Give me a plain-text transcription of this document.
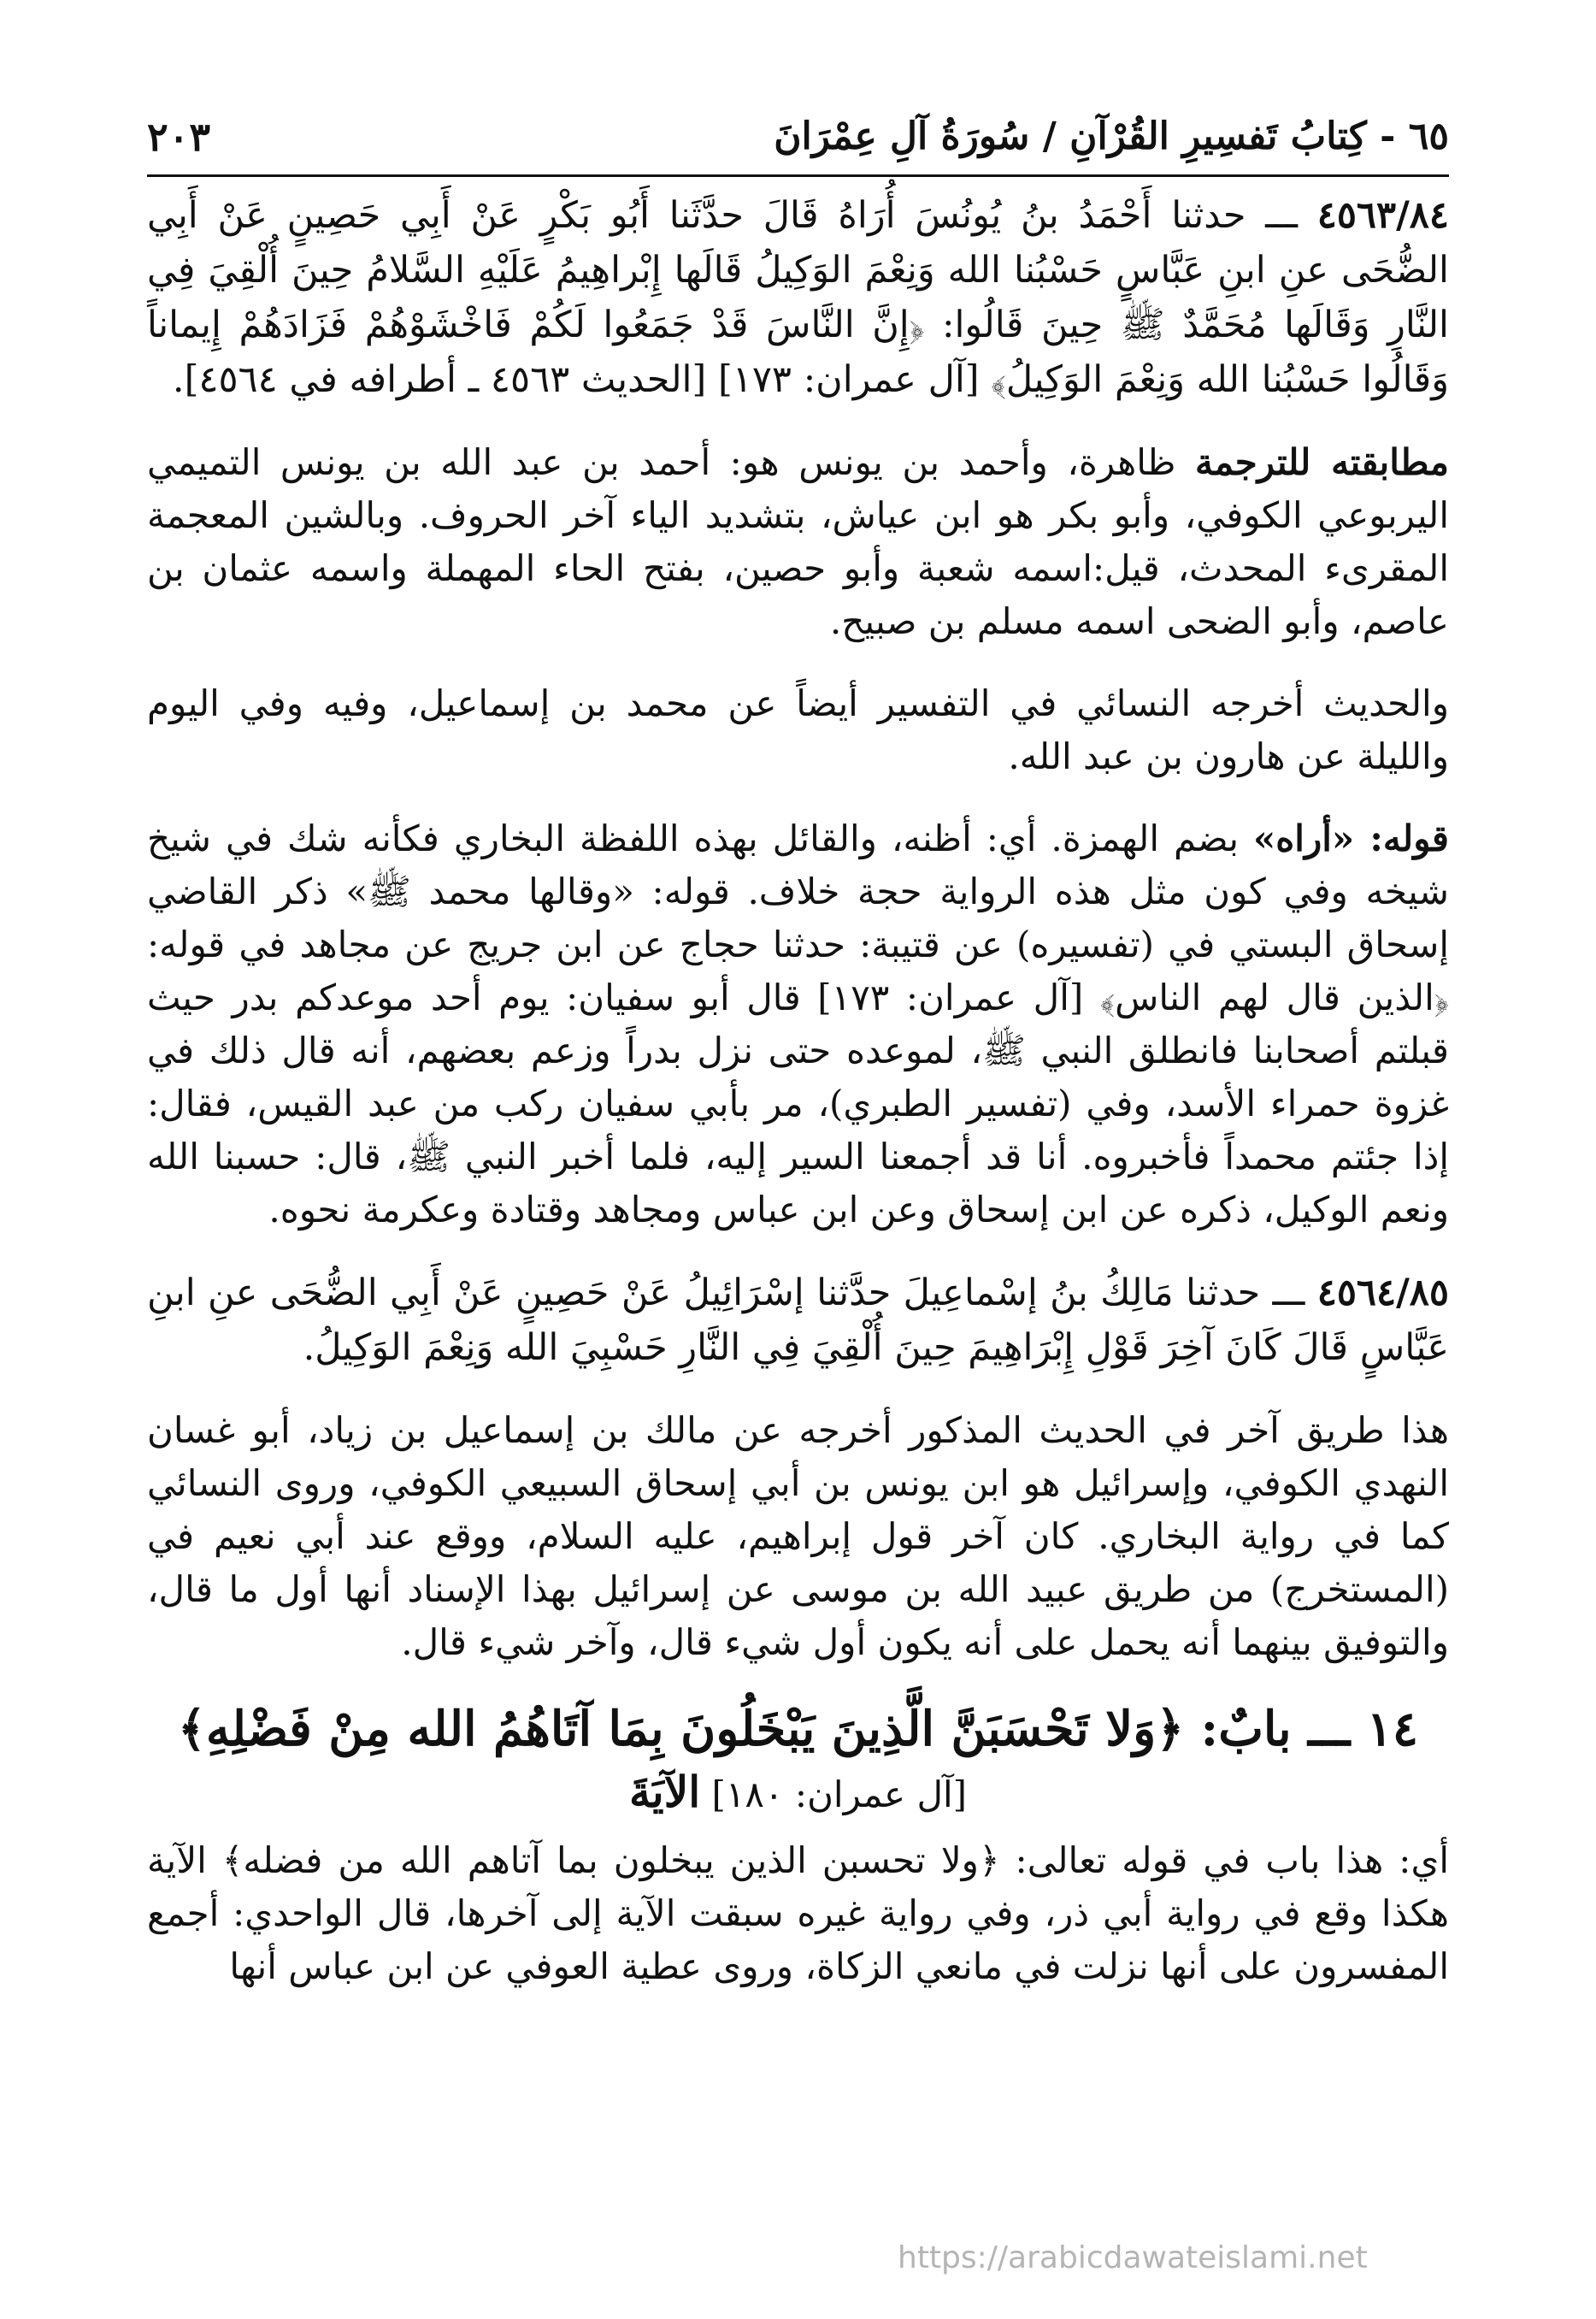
٦٥ - كِتابُ تَفسِيرِ القُرْآنِ / سُورَةُ آلِ عِمْرَانَ
٢٠٣

٤٥٦٣/٨٤ ـــ حدثنا أَحْمَدُ بنُ يُونُسَ أُرَاهُ قَالَ حدَّثَنا أَبُو بَكْرٍ عَنْ أَبِي حَصِينٍ عَنْ أَبِي الضُّحَى عنِ ابنِ عَبَّاسٍ حَسْبُنا الله وَنِعْمَ الوَكِيلُ قَالَها إِبْراهِيمُ عَلَيْهِ السَّلامُ حِينَ أُلْقِيَ فِي النَّارِ وَقَالَها مُحَمَّدٌ ﷺ حِينَ قَالُوا: ﴿إِنَّ النَّاسَ قَدْ جَمَعُوا لَكُمْ فَاخْشَوْهُمْ فَزَادَهُمْ إِيماناً وَقَالُوا حَسْبُنا الله وَنِعْمَ الوَكِيلُ﴾ [آل عمران: ١٧٣] [الحديث ٤٥٦٣ ـ أطرافه في ٤٥٦٤].

مطابقته للترجمة ظاهرة، وأحمد بن يونس هو: أحمد بن عبد الله بن يونس التميمي اليربوعي الكوفي، وأبو بكر هو ابن عياش، بتشديد الياء آخر الحروف. وبالشين المعجمة المقرىء المحدث، قيل:اسمه شعبة وأبو حصين، بفتح الحاء المهملة واسمه عثمان بن عاصم، وأبو الضحى اسمه مسلم بن صبيح.

والحديث أخرجه النسائي في التفسير أيضاً عن محمد بن إسماعيل، وفيه وفي اليوم والليلة عن هارون بن عبد الله.

قوله: «أراه» بضم الهمزة. أي: أظنه، والقائل بهذه اللفظة البخاري فكأنه شك في شيخ شيخه وفي كون مثل هذه الرواية حجة خلاف. قوله: «وقالها محمد ﷺ» ذكر القاضي إسحاق البستي في (تفسيره) عن قتيبة: حدثنا حجاج عن ابن جريج عن مجاهد في قوله: ﴿الذين قال لهم الناس﴾ [آل عمران: ١٧٣] قال أبو سفيان: يوم أحد موعدكم بدر حيث قبلتم أصحابنا فانطلق النبي ﷺ، لموعده حتى نزل بدراً وزعم بعضهم، أنه قال ذلك في غزوة حمراء الأسد، وفي (تفسير الطبري)، مر بأبي سفيان ركب من عبد القيس، فقال: إذا جئتم محمداً فأخبروه. أنا قد أجمعنا السير إليه، فلما أخبر النبي ﷺ، قال: حسبنا الله ونعم الوكيل، ذكره عن ابن إسحاق وعن ابن عباس ومجاهد وقتادة وعكرمة نحوه.

٤٥٦٤/٨٥ ـــ حدثنا مَالِكُ بنُ إسْماعِيلَ حدَّثنا إسْرَائِيلُ عَنْ حَصِينٍ عَنْ أَبِي الضُّحَى عنِ ابنِ عَبَّاسٍ قَالَ كَانَ آخِرَ قَوْلِ إِبْرَاهِيمَ حِينَ أُلْقِيَ فِي النَّارِ حَسْبِيَ الله وَنِعْمَ الوَكِيلُ.

هذا طريق آخر في الحديث المذكور أخرجه عن مالك بن إسماعيل بن زياد، أبو غسان النهدي الكوفي، وإسرائيل هو ابن يونس بن أبي إسحاق السبيعي الكوفي، وروى النسائي كما في رواية البخاري. كان آخر قول إبراهيم، عليه السلام، ووقع عند أبي نعيم في (المستخرج) من طريق عبيد الله بن موسى عن إسرائيل بهذا الإسناد أنها أول ما قال، والتوفيق بينهما أنه يحمل على أنه يكون أول شيء قال، وآخر شيء قال.

١٤ ـــ بابٌ: ﴿وَلا تَحْسَبَنَّ الَّذِينَ يَبْخَلُونَ بِمَا آتَاهُمُ الله مِنْ فَضْلِهِ﴾
[آل عمران: ١٨٠] الآيَةَ

أي: هذا باب في قوله تعالى: ﴿ولا تحسبن الذين يبخلون بما آتاهم الله من فضله﴾ الآية هكذا وقع في رواية أبي ذر، وفي رواية غيره سبقت الآية إلى آخرها، قال الواحدي: أجمع المفسرون على أنها نزلت في مانعي الزكاة، وروى عطية العوفي عن ابن عباس أنها

https://arabicdawateislami.net
